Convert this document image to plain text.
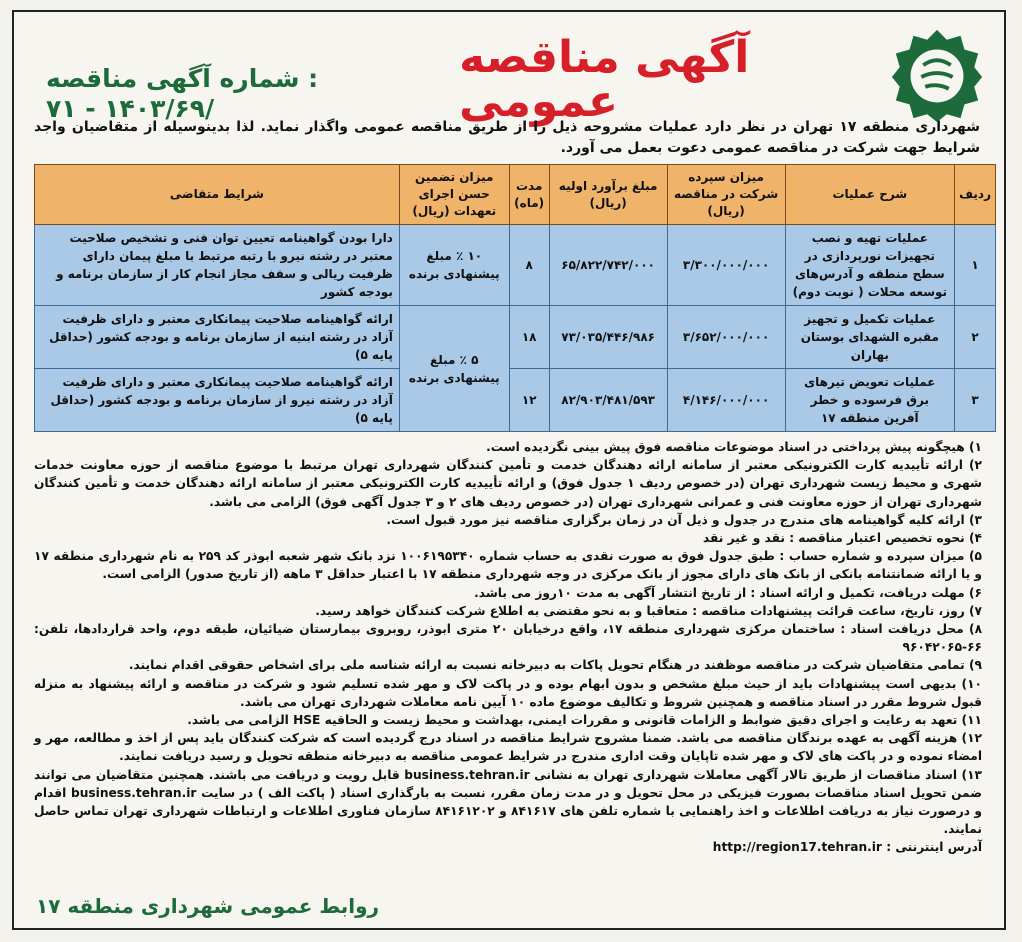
آگهی مناقصه عمومی
شماره آگهی مناقصه : ۷۱ - ۱۴۰۳/۶۹/
شهرداری منطقه ۱۷ تهران در نظر دارد عملیات مشروحه ذیل را از طریق مناقصه عمومی واگذار نماید. لذا بدینوسیله از متقاضیان واجد شرایط جهت شرکت در مناقصه عمومی دعوت بعمل می آورد.
ردیف	شرح عملیات	میزان سپرده شرکت در مناقصه (ریال)	مبلغ برآورد اولیه (ریال)	مدت (ماه)	میزان تضمین حسن اجرای تعهدات (ریال)	شرایط متقاضی
۱	عملیات تهیه و نصب تجهیزات نورپردازی در سطح منطقه و آدرس‌های توسعه محلات ( نوبت دوم)	۳/۳۰۰/۰۰۰/۰۰۰	۶۵/۸۲۲/۷۴۲/۰۰۰	۸	۱۰ ٪ مبلغ پیشنهادی برنده	دارا بودن گواهینامه تعیین توان فنی و تشخیص صلاحیت معتبر در رشته نیرو با رتبه مرتبط با مبلغ پیمان دارای ظرفیت ریالی و سقف مجاز انجام کار از سازمان برنامه و بودجه کشور
۲	عملیات تکمیل و تجهیز مقبره الشهدای بوستان بهاران	۳/۶۵۲/۰۰۰/۰۰۰	۷۳/۰۳۵/۴۴۶/۹۸۶	۱۸	۵ ٪ مبلغ پیشنهادی برنده	ارائه گواهینامه صلاحیت پیمانکاری معتبر و دارای ظرفیت آزاد در رشته ابنیه از سازمان برنامه و بودجه کشور (حداقل پایه ۵)
۳	عملیات تعویض تیرهای برق فرسوده و خطر آفرین منطقه ۱۷	۴/۱۴۶/۰۰۰/۰۰۰	۸۲/۹۰۳/۴۸۱/۵۹۳	۱۲		ارائه گواهینامه صلاحیت پیمانکاری معتبر و دارای ظرفیت آزاد در رشته نیرو از سازمان برنامه و بودجه کشور (حداقل پایه ۵)

۱) هیچگونه پیش پرداختی در اسناد موضوعات مناقصه فوق پیش بینی نگردیده است.

۲) ارائه تأییدیه کارت الکترونیکی معتبر از سامانه ارائه دهندگان خدمت و تأمین کنندگان شهرداری تهران مرتبط با موضوع مناقصه از حوزه معاونت خدمات شهری و محیط زیست شهرداری تهران (در خصوص ردیف ۱ جدول فوق) و ارائه تأییدیه کارت الکترونیکی معتبر از سامانه ارائه دهندگان خدمت و تأمین کنندگان شهرداری تهران از حوزه معاونت فنی و عمرانی شهرداری تهران (در خصوص ردیف های ۲ و ۳ جدول آگهی فوق) الزامی می باشد.

۳) ارائه کلیه گواهینامه های مندرج در جدول و ذیل آن در زمان برگزاری مناقصه نیز مورد قبول است.

۴) نحوه تخصیص اعتبار مناقصه : نقد و غیر نقد

۵) میزان سپرده و شماره حساب : طبق جدول فوق به صورت نقدی به حساب شماره ۱۰۰۶۱۹۵۳۴۰ نزد بانک شهر شعبه ابوذر کد ۲۵۹ به نام شهرداری منطقه ۱۷ و یا ارائه ضمانتنامه بانکی از بانک های دارای مجوز از بانک مرکزی در وجه شهرداری منطقه ۱۷ با اعتبار حداقل ۳ ماهه (از تاریخ صدور) الزامی است.

۶) مهلت دریافت، تکمیل و ارائه اسناد : از تاریخ انتشار آگهی به مدت ۱۰روز می باشد.

۷) روز، تاریخ، ساعت قرائت پیشنهادات مناقصه : متعاقبا و به نحو مقتضی به اطلاع شرکت کنندگان خواهد رسید.

۸) محل دریافت اسناد : ساختمان مرکزی شهرداری منطقه ۱۷، واقع درخیابان ۲۰ متری ابوذر، روبروی بیمارستان ضیائیان، طبقه دوم، واحد قراردادها، تلفن: ۶۶-۹۶۰۴۲۰۶۵

۹) تمامی متقاضیان شرکت در مناقصه موظفند در هنگام تحویل پاکات به دبیرخانه نسبت به ارائه شناسه ملی برای اشخاص حقوقی اقدام نمایند.

۱۰) بدیهی است پیشنهادات باید از حیث مبلغ مشخص و بدون ابهام بوده و در پاکت لاک و مهر شده تسلیم شود و شرکت در مناقصه و ارائه پیشنهاد به منزله قبول شروط مقرر در اسناد مناقصه و همچنین شروط و تکالیف موضوع ماده ۱۰ آیین نامه معاملات شهرداری تهران می باشد.

۱۱) تعهد به رعایت و اجرای دقیق ضوابط و الزامات قانونی و مقررات ایمنی، بهداشت و محیط زیست و الحاقیه HSE الزامی می باشد.

۱۲) هزینه آگهی به عهده برندگان مناقصه می باشد. ضمنا مشروح شرایط مناقصه در اسناد درج گردیده است که شرکت کنندگان باید پس از اخذ و مطالعه، مهر و امضاء نموده و در پاکت های لاک و مهر شده تاپایان وقت اداری مندرج در شرایط عمومی مناقصه به دبیرخانه منطقه تحویل و رسید دریافت نمایند.

۱۳) اسناد مناقصات از طریق تالار آگهی معاملات شهرداری تهران به نشانی business.tehran.ir قابل رویت و دریافت می باشند. همچنین متقاضیان می توانند ضمن تحویل اسناد مناقصات بصورت فیزیکی در محل تحویل و در مدت زمان مقرر، نسبت به بارگذاری اسناد ( پاکت الف ) در سایت business.tehran.ir اقدام و درصورت نیاز به دریافت اطلاعات و اخذ راهنمایی با شماره تلفن های ۸۴۱۶۱۷ و ۸۴۱۶۱۲۰۲ سازمان فناوری اطلاعات و ارتباطات شهرداری تهران تماس حاصل نمایند.

آدرس اینترنتی : http://region17.tehran.ir

روابط عمومی شهرداری منطقه ۱۷
